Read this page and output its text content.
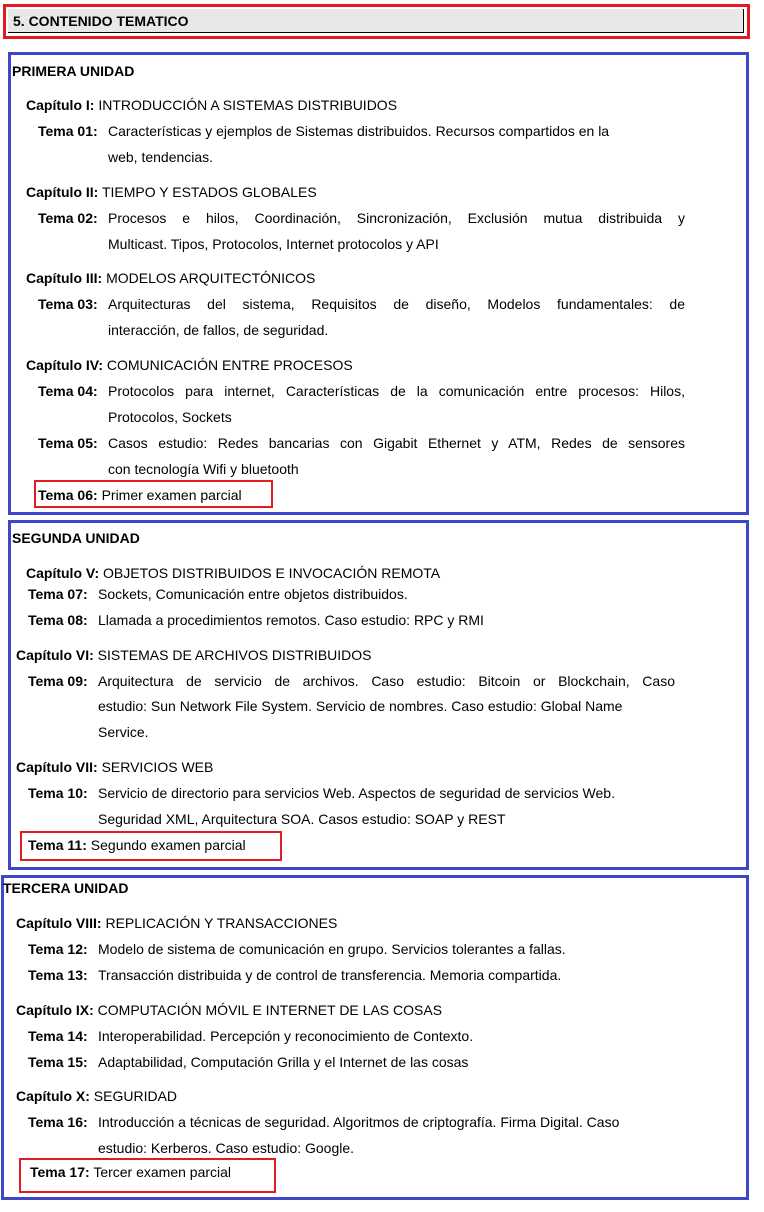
5. CONTENIDO TEMATICO
PRIMERA UNIDAD
Capítulo I: INTRODUCCIÓN A SISTEMAS DISTRIBUIDOS
Tema 01: Características y ejemplos de Sistemas distribuidos. Recursos compartidos en la
web, tendencias.
Capítulo II: TIEMPO Y ESTADOS GLOBALES
Tema 02: Procesos e hilos, Coordinación, Sincronización, Exclusión mutua distribuida y
Multicast. Tipos, Protocolos, Internet protocolos y API
Capítulo III: MODELOS ARQUITECTÓNICOS
Tema 03: Arquitecturas del sistema, Requisitos de diseño, Modelos fundamentales: de
interacción, de fallos, de seguridad.
Capítulo IV: COMUNICACIÓN ENTRE PROCESOS
Tema 04: Protocolos para internet, Características de la comunicación entre procesos: Hilos,
Protocolos, Sockets
Tema 05: Casos estudio: Redes bancarias con Gigabit Ethernet y ATM, Redes de sensores
con tecnología Wifi y bluetooth
Tema 06: Primer examen parcial
SEGUNDA UNIDAD
Capítulo V: OBJETOS DISTRIBUIDOS E INVOCACIÓN REMOTA
Tema 07: Sockets, Comunicación entre objetos distribuidos.
Tema 08: Llamada a procedimientos remotos. Caso estudio: RPC y RMI
Capítulo VI: SISTEMAS DE ARCHIVOS DISTRIBUIDOS
Tema 09: Arquitectura de servicio de archivos. Caso estudio: Bitcoin or Blockchain, Caso
estudio: Sun Network File System. Servicio de nombres. Caso estudio: Global Name
Service.
Capítulo VII: SERVICIOS WEB
Tema 10: Servicio de directorio para servicios Web. Aspectos de seguridad de servicios Web.
Seguridad XML, Arquitectura SOA. Casos estudio: SOAP y REST
Tema 11: Segundo examen parcial
TERCERA UNIDAD
Capítulo VIII: REPLICACIÓN Y TRANSACCIONES
Tema 12: Modelo de sistema de comunicación en grupo. Servicios tolerantes a fallas.
Tema 13: Transacción distribuida y de control de transferencia. Memoria compartida.
Capítulo IX: COMPUTACIÓN MÓVIL E INTERNET DE LAS COSAS
Tema 14: Interoperabilidad. Percepción y reconocimiento de Contexto.
Tema 15: Adaptabilidad, Computación Grilla y el Internet de las cosas
Capítulo X: SEGURIDAD
Tema 16: Introducción a técnicas de seguridad. Algoritmos de criptografía. Firma Digital. Caso
estudio: Kerberos. Caso estudio: Google.
Tema 17: Tercer examen parcial
